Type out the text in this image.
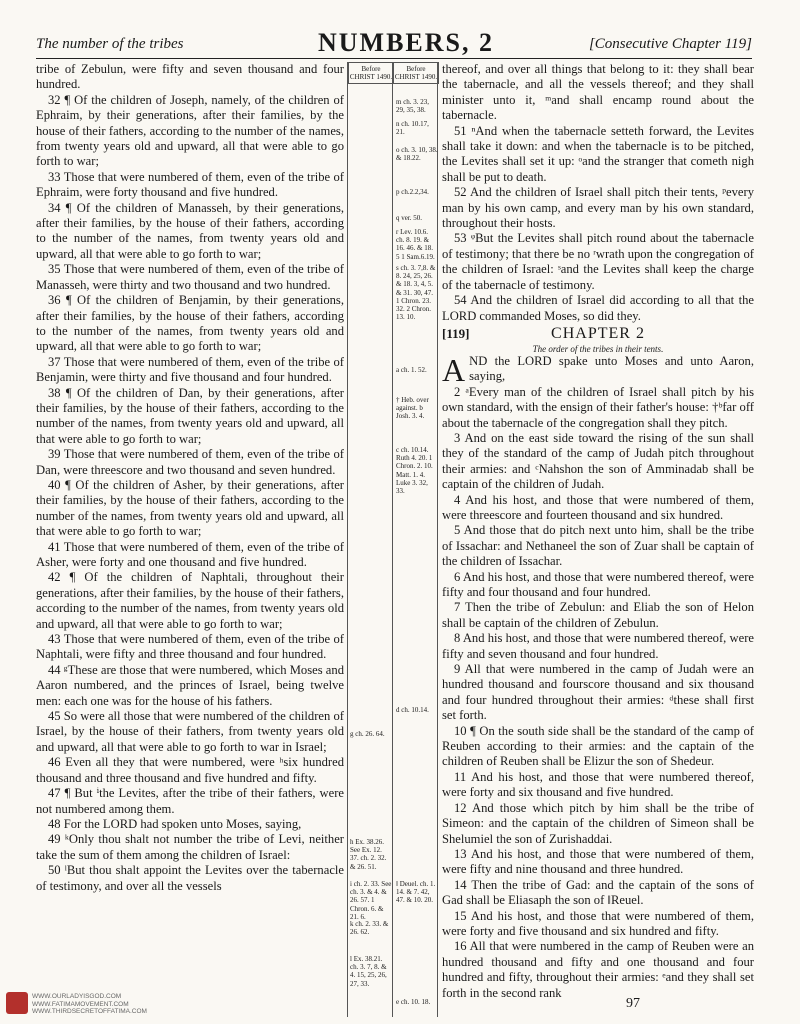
The number of the tribes	NUMBERS, 2	[Consecutive Chapter 119]

tribe of Zebulun, were fifty and seven thousand and four hundred.

32 ¶ Of the children of Joseph, namely, of the children of Ephraim, by their generations, after their families, by the house of their fathers, according to the number of the names, from twenty years old and upward, all that were able to go forth to war;

33 Those that were numbered of them, even of the tribe of Ephraim, were forty thousand and five hundred.

34 ¶ Of the children of Manasseh, by their generations, after their families, by the house of their fathers, according to the number of the names, from twenty years old and upward, all that were able to go forth to war;

35 Those that were numbered of them, even of the tribe of Manasseh, were thirty and two thousand and two hundred.

36 ¶ Of the children of Benjamin, by their generations, after their families, by the house of their fathers, according to the number of the names, from twenty years old and upward, all that were able to go forth to war;

37 Those that were numbered of them, even of the tribe of Benjamin, were thirty and five thousand and four hundred.

38 ¶ Of the children of Dan, by their generations, after their families, by the house of their fathers, according to the number of the names, from twenty years old and upward, all that were able to go forth to war;

39 Those that were numbered of them, even of the tribe of Dan, were threescore and two thousand and seven hundred.

40 ¶ Of the children of Asher, by their generations, after their families, by the house of their fathers, according to the number of the names, from twenty years old and upward, all that were able to go forth to war;

41 Those that were numbered of them, even of the tribe of Asher, were forty and one thousand and five hundred.

42 ¶ Of the children of Naphtali, throughout their generations, after their families, by the house of their fathers, according to the number of the names, from twenty years old and upward, all that were able to go forth to war;

43 Those that were numbered of them, even of the tribe of Naphtali, were fifty and three thousand and four hundred.

44 ᵍThese are those that were numbered, which Moses and Aaron numbered, and the princes of Israel, being twelve men: each one was for the house of his fathers.

45 So were all those that were numbered of the children of Israel, by the house of their fathers, from twenty years old and upward, all that were able to go forth to war in Israel;

46 Even all they that were numbered, were ʰsix hundred thousand and three thousand and five hundred and fifty.

47 ¶ But ⁱthe Levites, after the tribe of their fathers, were not numbered among them.

48 For the LORD had spoken unto Moses, saying,

49 ᵏOnly thou shalt not number the tribe of Levi, neither take the sum of them among the children of Israel:

50 ˡBut thou shalt appoint the Levites over the tabernacle of testimony, and over all the vessels

Before CHRIST 1490.
Before CHRIST 1490.
g ch. 26. 64.
h Ex. 38.26. See Ex. 12. 37. ch. 2. 32. & 26. 51.
i ch. 2. 33. See ch. 3. & 4. & 26. 57. 1 Chron. 6. & 21. 6.
k ch. 2. 33. & 26. 62.
l Ex. 38.21. ch. 3. 7, 8. & 4. 15, 25, 26, 27, 33.
m ch. 3. 23, 29, 35, 38.
n ch. 10.17, 21.
o ch. 3. 10, 38. & 18.22.
p ch.2.2,34.
q ver. 50.
r Lev. 10.6. ch. 8. 19. & 16. 46. & 18. 5 1 Sam.6.19.
s ch. 3. 7,8. & 8. 24, 25, 26. & 18. 3, 4, 5. & 31. 30, 47. 1 Chron. 23. 32. 2 Chron. 13. 10.
a ch. 1. 52.
† Heb. over against. b Josh. 3. 4.
c ch. 10.14. Ruth 4. 20. 1 Chron. 2. 10. Matt. 1. 4. Luke 3. 32, 33.
d ch. 10.14.
‖ Deuel. ch. 1. 14. & 7. 42, 47. & 10. 20.
e ch. 10. 18.

thereof, and over all things that belong to it: they shall bear the tabernacle, and all the vessels thereof; and they shall minister unto it, ᵐand shall encamp round about the tabernacle.

51 ⁿAnd when the tabernacle setteth forward, the Levites shall take it down: and when the tabernacle is to be pitched, the Levites shall set it up: ᵒand the stranger that cometh nigh shall be put to death.

52 And the children of Israel shall pitch their tents, ᵖevery man by his own camp, and every man by his own standard, throughout their hosts.

53 ᵠBut the Levites shall pitch round about the tabernacle of testimony; that there be no ʳwrath upon the congregation of the children of Israel: ˢand the Levites shall keep the charge of the tabernacle of testimony.

54 And the children of Israel did according to all that the LORD commanded Moses, so did they.

[119]	CHAPTER 2
The order of the tribes in their tents.

AND the LORD spake unto Moses and unto Aaron, saying,

2 ᵃEvery man of the children of Israel shall pitch by his own standard, with the ensign of their father's house: †ᵇfar off about the tabernacle of the congregation shall they pitch.

3 And on the east side toward the rising of the sun shall they of the standard of the camp of Judah pitch throughout their armies: and ᶜNahshon the son of Amminadab shall be captain of the children of Judah.

4 And his host, and those that were numbered of them, were threescore and fourteen thousand and six hundred.

5 And those that do pitch next unto him, shall be the tribe of Issachar: and Nethaneel the son of Zuar shall be captain of the children of Issachar.

6 And his host, and those that were numbered thereof, were fifty and four thousand and four hundred.

7 Then the tribe of Zebulun: and Eliab the son of Helon shall be captain of the children of Zebulun.

8 And his host, and those that were numbered thereof, were fifty and seven thousand and four hundred.

9 All that were numbered in the camp of Judah were an hundred thousand and fourscore thousand and six thousand and four hundred throughout their armies: ᵈthese shall first set forth.

10 ¶ On the south side shall be the standard of the camp of Reuben according to their armies: and the captain of the children of Reuben shall be Elizur the son of Shedeur.

11 And his host, and those that were numbered thereof, were forty and six thousand and five hundred.

12 And those which pitch by him shall be the tribe of Simeon: and the captain of the children of Simeon shall be Shelumiel the son of Zurishaddai.

13 And his host, and those that were numbered of them, were fifty and nine thousand and three hundred.

14 Then the tribe of Gad: and the captain of the sons of Gad shall be Eliasaph the son of ‖Reuel.

15 And his host, and those that were numbered of them, were forty and five thousand and six hundred and fifty.

16 All that were numbered in the camp of Reuben were an hundred thousand and fifty and one thousand and four hundred and fifty, throughout their armies: ᵉand they shall set forth in the second rank

WWW.OURLADYISGOD.COM
WWW.FATIMAMOVEMENT.COM
WWW.THIRDSECRETOFFATIMA.COM
97
